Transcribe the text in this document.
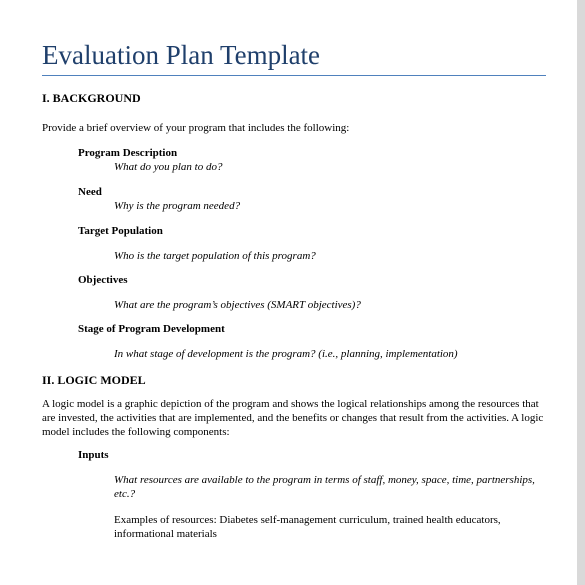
Evaluation Plan Template
I. BACKGROUND
Provide a brief overview of your program that includes the following:
Program Description
What do you plan to do?
Need
Why is the program needed?
Target Population
Who is the target population of this program?
Objectives
What are the program’s objectives (SMART objectives)?
Stage of Program Development
In what stage of development is the program? (i.e., planning, implementation)
II. LOGIC MODEL
A logic model is a graphic depiction of the program and shows the logical relationships among the resources that
are invested, the activities that are implemented, and the benefits or changes that result from the activities. A logic
model includes the following components:
Inputs
What resources are available to the program in terms of staff, money, space, time, partnerships,
etc.?
Examples of resources: Diabetes self-management curriculum, trained health educators,
informational materials
